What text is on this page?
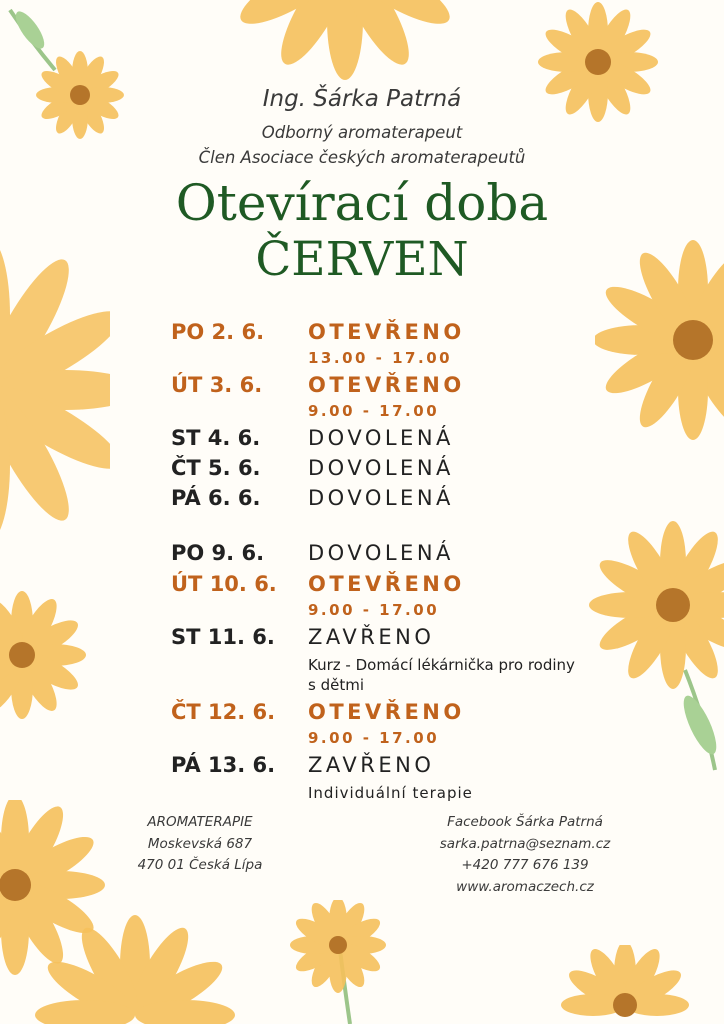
Ing. Šárka Patrná
Odborný aromaterapeut
Člen Asociace českých aromaterapeutů
Otevírací doba
ČERVEN
PO 2. 6. OTEVŘENO
13.00 - 17.00
ÚT 3. 6. OTEVŘENO
9.00 - 17.00
ST 4. 6. DOVOLENÁ
ČT 5. 6. DOVOLENÁ
PÁ 6. 6. DOVOLENÁ
PO 9. 6. DOVOLENÁ
ÚT 10. 6. OTEVŘENO
9.00 - 17.00
ST 11. 6. ZAVŘENO
Kurz - Domácí lékárnička pro rodiny
s dětmi
ČT 12. 6. OTEVŘENO
9.00 - 17.00
PÁ 13. 6. ZAVŘENO
Individuální terapie
AROMATERAPIE
Moskevská 687
470 01 Česká Lípa
Facebook Šárka Patrná
sarka.patrna@seznam.cz
+420 777 676 139
www.aromaczech.cz
